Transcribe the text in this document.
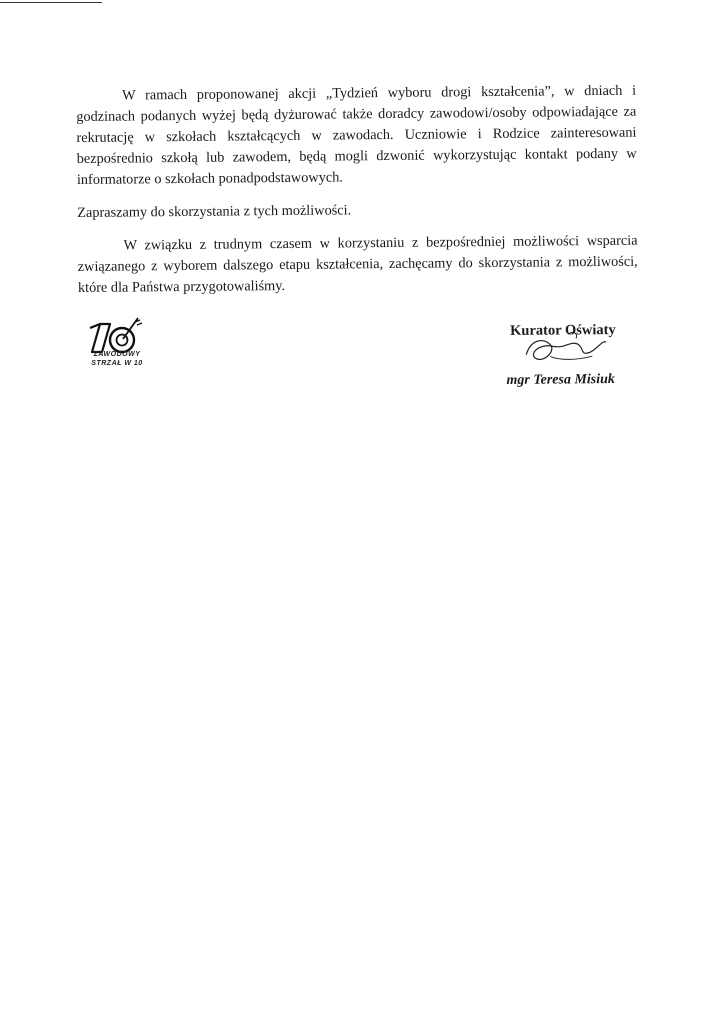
W ramach proponowanej akcji „Tydzień wyboru drogi kształcenia”, w dniach i godzinach podanych wyżej będą dyżurować także doradcy zawodowi/osoby odpowiadające za rekrutację w szkołach kształcących w zawodach. Uczniowie i Rodzice zainteresowani bezpośrednio szkołą lub zawodem, będą mogli dzwonić wykorzystując kontakt podany w informatorze o szkołach ponadpodstawowych.

Zapraszamy do skorzystania z tych możliwości.

W związku z trudnym czasem w korzystaniu z bezpośredniej możliwości wsparcia związanego z wyborem dalszego etapu kształcenia, zachęcamy do skorzystania z możliwości, które dla Państwa przygotowaliśmy.

ZAWODOWY
STRZAŁ W 10
Kurator Oświaty
mgr Teresa Misiuk
